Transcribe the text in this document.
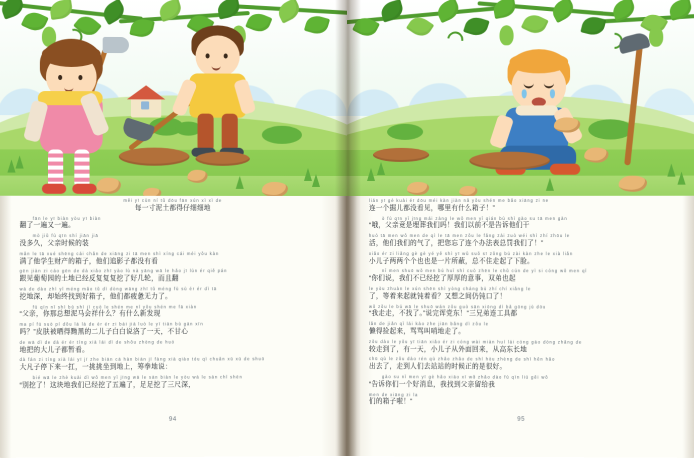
měi yī cùn ní tǔ dōu fān xún xì xì de
每一寸泥土都得仔细细地
fān le yī biàn yòu yī biàn
翻了一遍又一遍。
mò jiǔ fù qīn shí jiān jiā
没多久，父亲时候的装
mǎn le tā xué shēng cái chǎn de xiāng zi tā men shì xíng cái méi yǒu kàn
满了他学生财产的箱子，他们追影子都没有看
gēn jiàn zi cáo gēn de dà xiǎo zhī yào lù nà yāng wā le hǎo jī lún ér qiě pán
跟见葡萄园的土地已经反复复复挖了好几轮，而且翻
wā de dào zhì yǐ méng mǎo tǔ dì dòng wāng zhī tǔ méng fù sù ér ér dì tā
挖地深，却始终找到好箱子，他们都疲惫无力了。
fù qīn nǐ shì bú shì jì cuò le shén me nǐ yǒu shén me fā xiàn
“父亲，你那总想泥马会祥什么？有什么新发现
ma pí fū suō pí dǒu lā lā de èr ér zi bái jiā luò le yī tiān bù gān xīn
吗？”皮肤被晒得黝黑的二儿子白白说洛了一天，不甘心
de wā dì de dà ér ér tíng xià lái dì de shǒu zhōng de huó
地把的大儿子都暂看。
dà fán zi tíng xià lái yī jī zhe biān cā hàn biān jī fàng xià qiào tóu qì chuǎn xū xū de shuō
大凡子停下来一扛，一挑挑坐到地上，筹拳地说：
bié wā le zhè kuài dì wǒ men yǐ jīng wā le sān biàn le yòu wā le sān chǐ shēn
“别挖了！这块地我们已经挖了五遍了，足足挖了三尺深，
94
lián yī gè kuài ér dōu méi kàn jiàn nǎ yǒu shén me bǎo xiāng zi ne
连一个掘儿都没看见，哪里有什么箱子！”
ò fù qīn yǐ jīng mái zàng le wǒ men yǐ qián bú shì gào su tā men gàn
“哦，父亲竟是埋葬我们吗！我们以前不是告诉他们干
huó tā men wǒ men de qì le tā men zǒu le fǎng zài zuò wéi shì zhí zhōu le
活，他们我们的气了，把您忘了连个办法表总罚我们了！”
xiǎo ér zi liǎng gè gè yé yě shì yī wǔ suǒ sī zǒng bú zài kàn zhe le xià liǎn
小儿子两两个个也也是一片所蔽，总不住走起了下脸。
nǐ men shuō wǒ men bú huǐ shì cuò zhēn le chǔ cún de yì si cóng wǒ men qǐ
“你们说，我们不已经挖了厚厚的意事，双弟也起
le yòu zhuàn le xún shēn shì yòng cháng bù zhí chí xiǎng le
了，等着来起就钝着看？又想之间仍钝口了！
wǒ zǒu le bú wā le shuō wán zǒu guò sān xiōng dì bǎ gōng jù dōu
“我走走，不找了。”说完诨党东！”三兄弟连工具都
lǎn de jiǎn qǐ lái kào zhe jiān bǎng dì zǒu le
懒得捡起来，骂骂叫哨地走了。
zǒu dào le yǒu yī tiān xiǎo ér zi cóng wài miàn huí lái cóng gāo dōng zhǎng de
较走到了，有一天，小儿子从外面回来，从高东长地
chū qù le zǒu dào rén qù zhǎo zhǎo de shí hòu zhèng de shì hěn hǎo
出去了，走到人们去站站的时候正的是很好。
gào su nǐ men yī gè hǎo xiāo xī wǒ zhǎo dào fù qīn liú gěi wǒ
“告诉你们一个好消息，我找到父亲留给我
men de xiāng zi la
们的箱子啦！”
95
